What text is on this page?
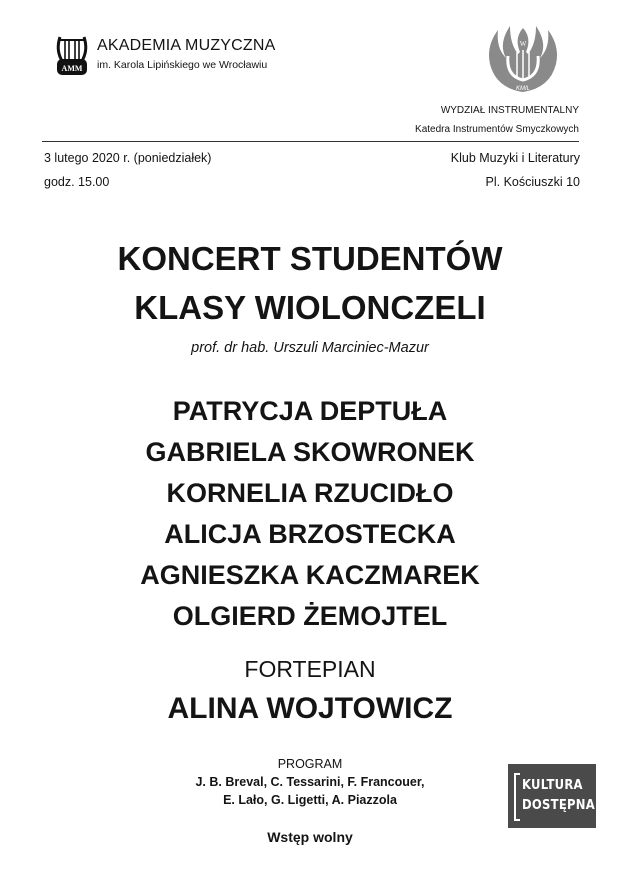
AMM
AKADEMIA MUZYCZNA
im. Karola Lipińskiego we Wrocławiu
W
KMIL
WYDZIAŁ INSTRUMENTALNY
Katedra Instrumentów Smyczkowych
3 lutego 2020 r. (poniedziałek)
godz. 15.00
Klub Muzyki i Literatury
Pl. Kościuszki 10
KONCERT STUDENTÓW
KLASY WIOLONCZELI
prof. dr hab. Urszuli Marciniec-Mazur
PATRYCJA DEPTUŁA
GABRIELA SKOWRONEK
KORNELIA RZUCIDŁO
ALICJA BRZOSTECKA
AGNIESZKA KACZMAREK
OLGIERD ŻEMOJTEL
FORTEPIAN
ALINA WOJTOWICZ
PROGRAM
J. B. Breval, C. Tessarini, F. Francouer,
E. Lało, G. Ligetti, A. Piazzola
Wstęp wolny
KULTURA
DOSTĘPNA
